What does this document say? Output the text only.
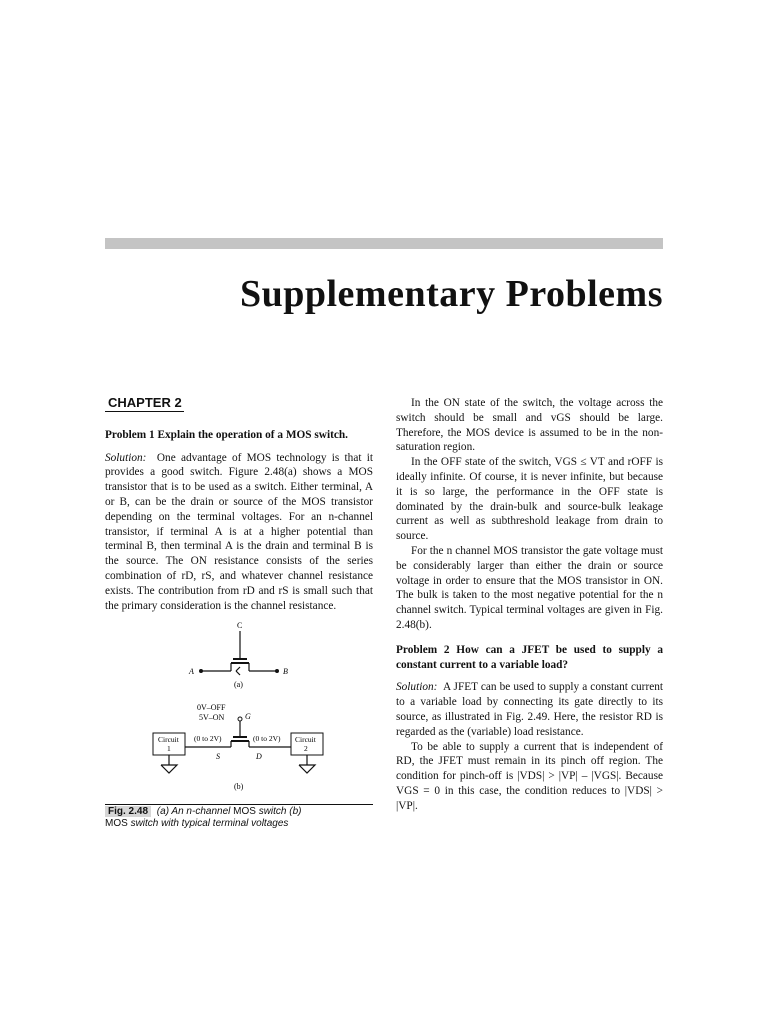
Supplementary Problems
CHAPTER 2

Problem 1 Explain the operation of a MOS switch.

Solution: One advantage of MOS technology is that it provides a good switch. Figure 2.48(a) shows a MOS transistor that is to be used as a switch. Either terminal, A or B, can be the drain or source of the MOS transistor depending on the terminal voltages. For an n-channel transistor, if terminal A is at a higher potential than terminal B, then terminal A is the drain and terminal B is the source. The ON resistance consists of the series combination of rD, rS, and whatever channel resistance exists. The contribution from rD and rS is small such that the primary consideration is the channel resistance.

C
A	B
(a)
0V–OFF
5V–ON	G
Circuit
1
Circuit
2
(0 to 2V)	(0 to 2V)
S	D
(b)
Fig. 2.48 (a) An n-channel MOS switch (b)
MOS switch with typical terminal voltages

In the ON state of the switch, the voltage across the switch should be small and vGS should be large. Therefore, the MOS device is assumed to be in the non-saturation region.

In the OFF state of the switch, VGS ≤ VT and rOFF is ideally infinite. Of course, it is never infinite, but because it is so large, the performance in the OFF state is dominated by the drain-bulk and source-bulk leakage current as well as subthreshold leakage from drain to source.

For the n channel MOS transistor the gate voltage must be considerably larger than either the drain or source voltage in order to ensure that the MOS transistor in ON. The bulk is taken to the most negative potential for the n channel switch. Typical terminal voltages are given in Fig. 2.48(b).

Problem 2 How can a JFET be used to supply a constant current to a variable load?

Solution: A JFET can be used to supply a constant current to a variable load by connecting its gate directly to its source, as illustrated in Fig. 2.49. Here, the resistor RD is regarded as the (variable) load resistance.

To be able to supply a current that is independent of RD, the JFET must remain in its pinch off region. The condition for pinch-off is |VDS| > |VP| – |VGS|. Because VGS = 0 in this case, the condition reduces to |VDS| > |VP|.
